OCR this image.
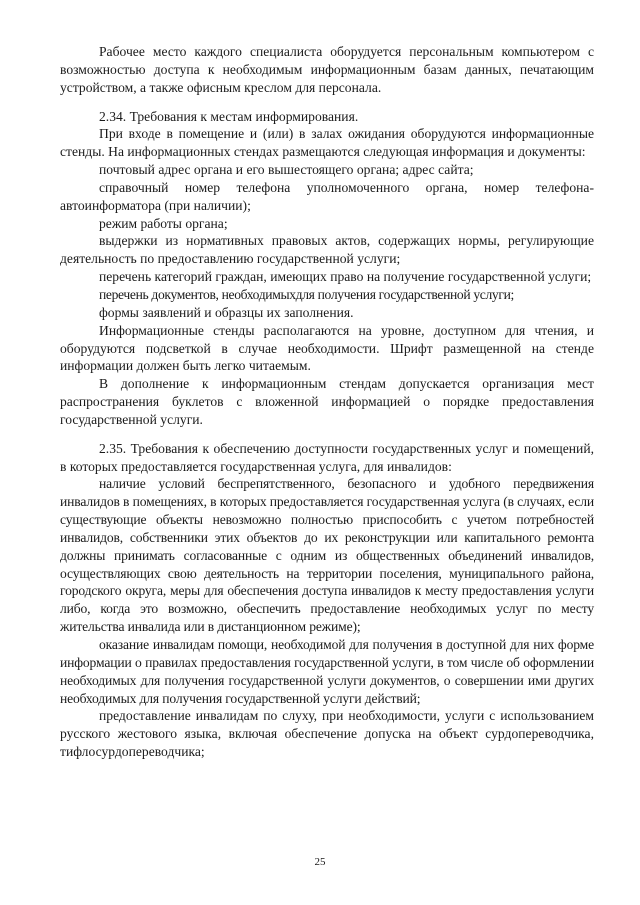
Рабочее место каждого специалиста оборудуется персональным компьютером с возможностью доступа к необходимым информационным базам данных, печатающим устройством, а также офисным креслом для персонала.

2.34. Требования к местам информирования.

При входе в помещение и (или) в залах ожидания оборудуются информационные стенды. На информационных стендах размещаются следующая информация и документы:

почтовый адрес органа и его вышестоящего органа; адрес сайта;

справочный номер телефона уполномоченного органа, номер телефона-автоинформатора (при наличии);

режим работы органа;

выдержки из нормативных правовых актов, содержащих нормы, регулирующие деятельность по предоставлению государственной услуги;

перечень категорий граждан, имеющих право на получение государственной услуги;

перечень документов, необходимыхдля получения государственной услуги;

формы заявлений и образцы их заполнения.

Информационные стенды располагаются на уровне, доступном для чтения, и оборудуются подсветкой в случае необходимости. Шрифт размещенной на стенде информации должен быть легко читаемым.

В дополнение к информационным стендам допускается организация мест распространения буклетов с вложенной информацией о порядке предоставления государственной услуги.

2.35. Требования к обеспечению доступности государственных услуг и помещений, в которых предоставляется государственная услуга, для инвалидов:

наличие условий беспрепятственного, безопасного и удобного передвижения инвалидов в помещениях, в которых предоставляется государственная услуга (в случаях, если существующие объекты невозможно полностью приспособить с учетом потребностей инвалидов, собственники этих объектов до их реконструкции или капитального ремонта должны принимать согласованные с одним из общественных объединений инвалидов, осуществляющих свою деятельность на территории поселения, муниципального района, городского округа, меры для обеспечения доступа инвалидов к месту предоставления услуги либо, когда это возможно, обеспечить предоставление необходимых услуг по месту жительства инвалида или в дистанционном режиме);

оказание инвалидам помощи, необходимой для получения в доступной для них форме информации о правилах предоставления государственной услуги, в том числе об оформлении необходимых для получения государственной услуги документов, о совершении ими других необходимых для получения государственной услуги действий;

предоставление инвалидам по слуху, при необходимости, услуги с использованием русского жестового языка, включая обеспечение допуска на объект сурдопереводчика, тифлосурдопереводчика;

25
